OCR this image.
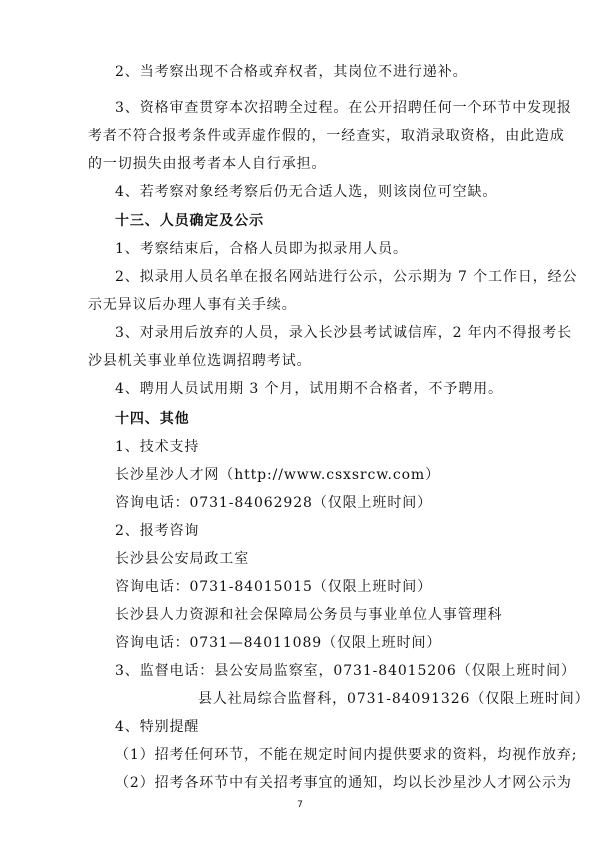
2、当考察出现不合格或弃权者，其岗位不进行递补。
3、资格审查贯穿本次招聘全过程。在公开招聘任何一个环节中发现报
考者不符合报考条件或弄虚作假的，一经查实，取消录取资格，由此造成
的一切损失由报考者本人自行承担。
4、若考察对象经考察后仍无合适人选，则该岗位可空缺。
十三、人员确定及公示
1、考察结束后，合格人员即为拟录用人员。
2、拟录用人员名单在报名网站进行公示，公示期为 7 个工作日，经公
示无异议后办理人事有关手续。
3、对录用后放弃的人员，录入长沙县考试诚信库，2 年内不得报考长
沙县机关事业单位选调招聘考试。
4、聘用人员试用期 3 个月，试用期不合格者，不予聘用。
十四、其他
1、技术支持
长沙星沙人才网（http://www.csxsrcw.com）
咨询电话：0731-84062928（仅限上班时间）
2、报考咨询
长沙县公安局政工室
咨询电话：0731-84015015（仅限上班时间）
长沙县人力资源和社会保障局公务员与事业单位人事管理科
咨询电话：0731—84011089（仅限上班时间）
3、监督电话：县公安局监察室，0731-84015206（仅限上班时间）
县人社局综合监督科，0731-84091326（仅限上班时间）
4、特别提醒
（1）招考任何环节，不能在规定时间内提供要求的资料，均视作放弃;
（2）招考各环节中有关招考事宜的通知，均以长沙星沙人才网公示为
7
